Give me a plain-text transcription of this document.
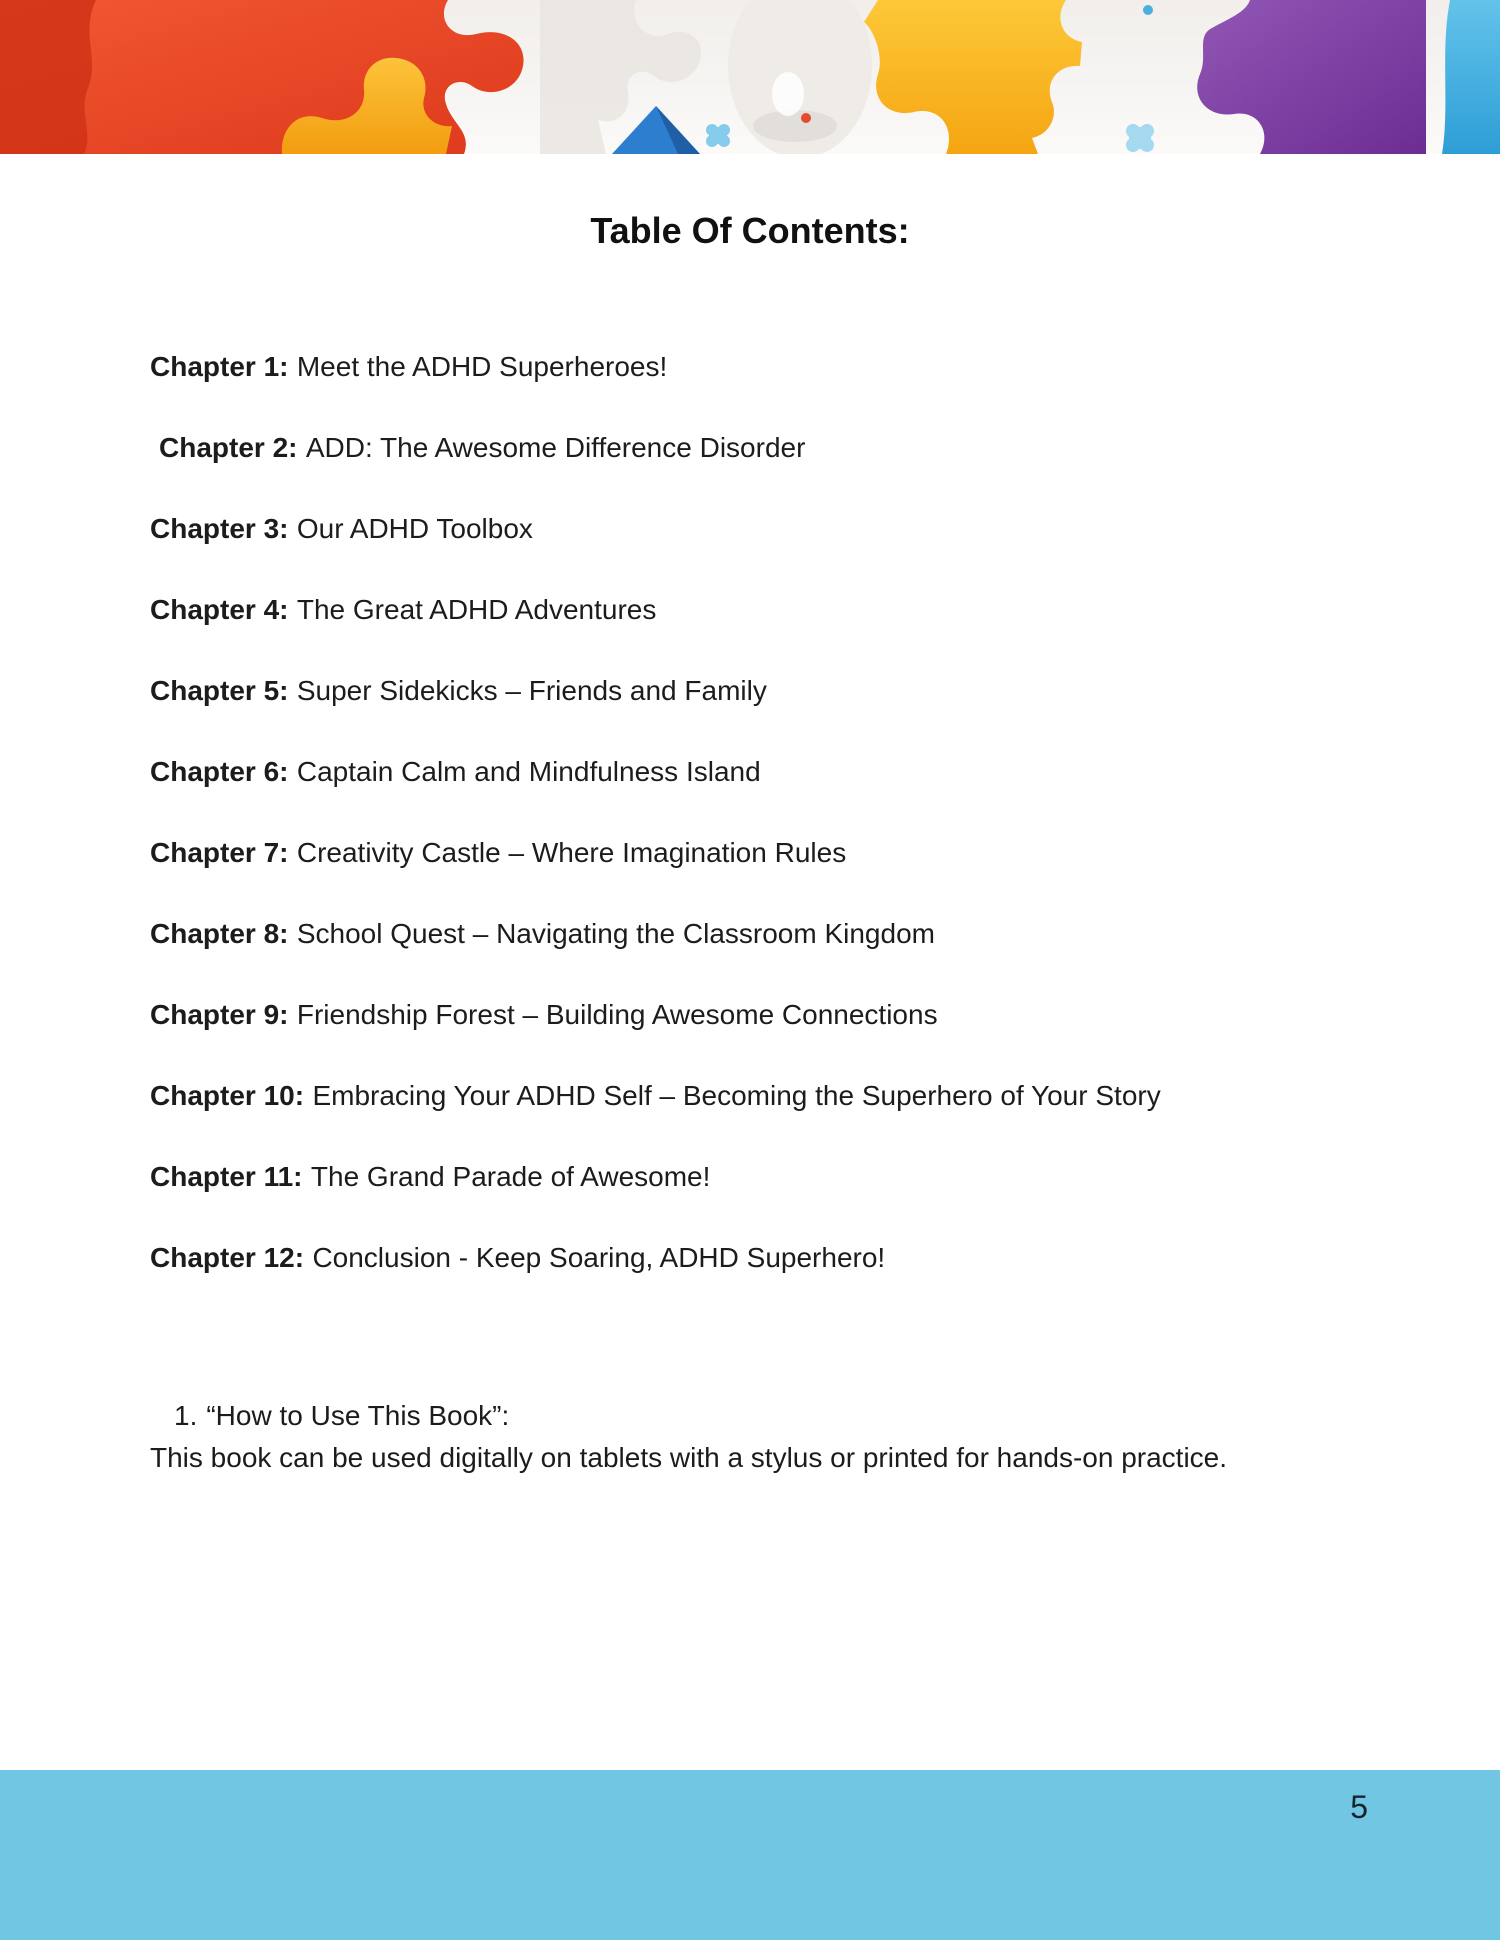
Table Of Contents:
Chapter 1: Meet the ADHD Superheroes!
Chapter 2: ADD: The Awesome Difference Disorder
Chapter 3: Our ADHD Toolbox
Chapter 4: The Great ADHD Adventures
Chapter 5: Super Sidekicks – Friends and Family
Chapter 6: Captain Calm and Mindfulness Island
Chapter 7: Creativity Castle – Where Imagination Rules
Chapter 8: School Quest – Navigating the Classroom Kingdom
Chapter 9: Friendship Forest – Building Awesome Connections
Chapter 10: Embracing Your ADHD Self – Becoming the Superhero of Your Story
Chapter 11: The Grand Parade of Awesome!
Chapter 12: Conclusion - Keep Soaring, ADHD Superhero!
1. “How to Use This Book”:

This book can be used digitally on tablets with a stylus or printed for hands-on practice.

5
